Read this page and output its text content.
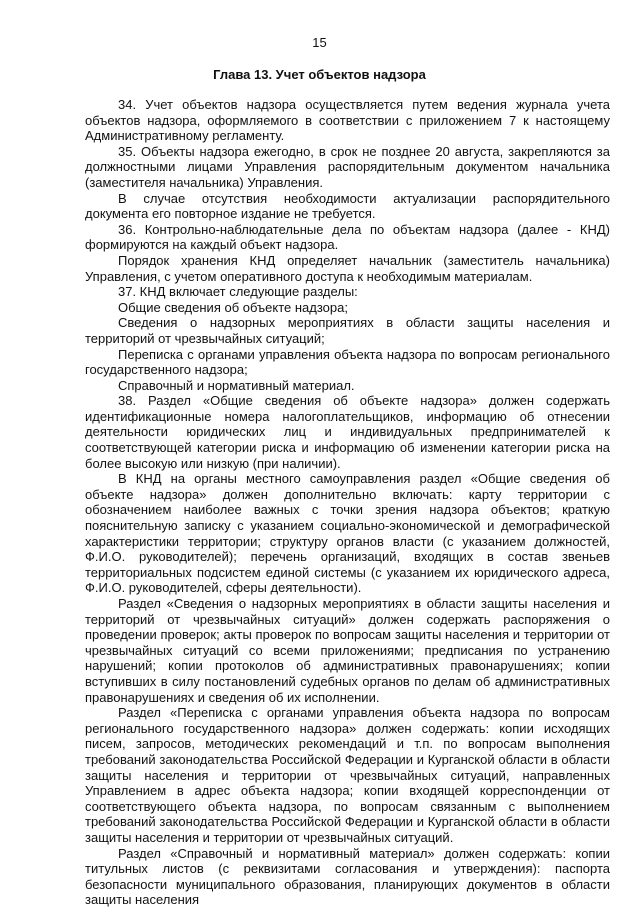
15
Глава 13. Учет объектов надзора

34. Учет объектов надзора осуществляется путем ведения журнала учета объектов надзора, оформляемого в соответствии с приложением 7 к настоящему Административному регламенту.

35. Объекты надзора ежегодно, в срок не позднее 20 августа, закрепляются за должностными лицами Управления распорядительным документом начальника (заместителя начальника) Управления.

В случае отсутствия необходимости актуализации распорядительного документа его повторное издание не требуется.

36. Контрольно-наблюдательные дела по объектам надзора (далее - КНД) формируются на каждый объект надзора.

Порядок хранения КНД определяет начальник (заместитель начальника) Управления, с учетом оперативного доступа к необходимым материалам.

37. КНД включает следующие разделы:

Общие сведения об объекте надзора;

Сведения о надзорных мероприятиях в области защиты населения и территорий от чрезвычайных ситуаций;

Переписка с органами управления объекта надзора по вопросам регионального государственного надзора;

Справочный и нормативный материал.

38. Раздел «Общие сведения об объекте надзора» должен содержать идентификационные номера налогоплательщиков, информацию об отнесении деятельности юридических лиц и индивидуальных предпринимателей к соответствующей категории риска и информацию об изменении категории риска на более высокую или низкую (при наличии).

В КНД на органы местного самоуправления раздел «Общие сведения об объекте надзора» должен дополнительно включать: карту территории с обозначением наиболее важных с точки зрения надзора объектов; краткую пояснительную записку с указанием социально-экономической и демографической характеристики территории; структуру органов власти (с указанием должностей, Ф.И.О. руководителей); перечень организаций, входящих в состав звеньев территориальных подсистем единой системы (с указанием их юридического адреса, Ф.И.О. руководителей, сферы деятельности).

Раздел «Сведения о надзорных мероприятиях в области защиты населения и территорий от чрезвычайных ситуаций» должен содержать распоряжения о проведении проверок; акты проверок по вопросам защиты населения и территории от чрезвычайных ситуаций со всеми приложениями; предписания по устранению нарушений; копии протоколов об административных правонарушениях; копии вступивших в силу постановлений судебных органов по делам об административных правонарушениях и сведения об их исполнении.

Раздел «Переписка с органами управления объекта надзора по вопросам регионального государственного надзора» должен содержать: копии исходящих писем, запросов, методических рекомендаций и т.п. по вопросам выполнения требований законодательства Российской Федерации и Курганской области в области защиты населения и территории от чрезвычайных ситуаций, направленных Управлением в адрес объекта надзора; копии входящей корреспонденции от соответствующего объекта надзора, по вопросам связанным с выполнением требований законодательства Российской Федерации и Курганской области в области защиты населения и территории от чрезвычайных ситуаций.

Раздел «Справочный и нормативный материал» должен содержать: копии титульных листов (с реквизитами согласования и утверждения): паспорта безопасности муниципального образования, планирующих документов в области защиты населения
